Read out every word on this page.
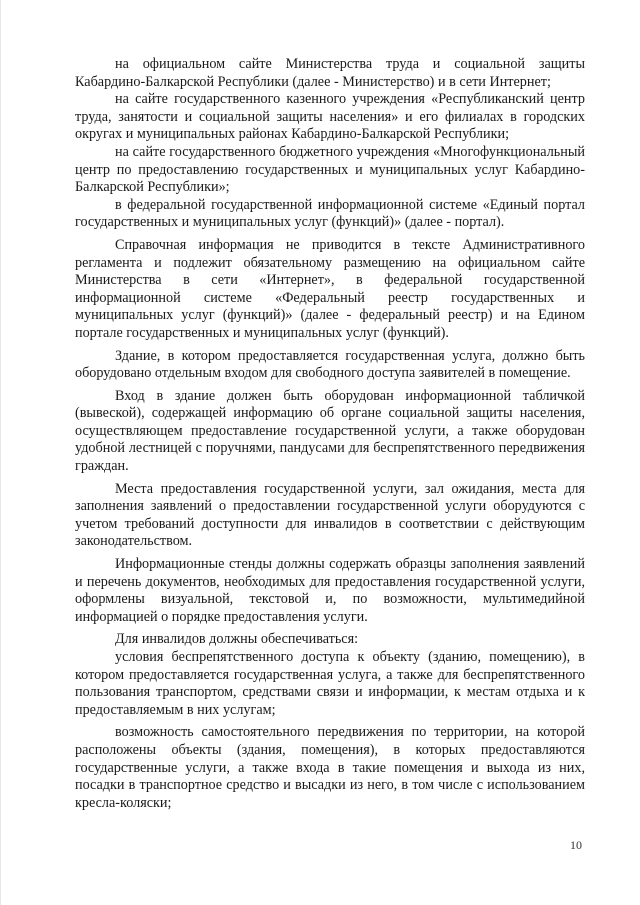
на официальном сайте Министерства труда и социальной защиты Кабардино-Балкарской Республики (далее - Министерство) и в сети Интернет;

на сайте государственного казенного учреждения «Республиканский центр труда, занятости и социальной защиты населения» и его филиалах в городских округах и муниципальных районах Кабардино-Балкарской Республики;

на сайте государственного бюджетного учреждения «Многофункциональный центр по предоставлению государственных и муниципальных услуг Кабардино-Балкарской Республики»;

в федеральной государственной информационной системе «Единый портал государственных и муниципальных услуг (функций)» (далее - портал).

Справочная информация не приводится в тексте Административного регламента и подлежит обязательному размещению на официальном сайте Министерства в сети «Интернет», в федеральной государственной информационной системе «Федеральный реестр государственных и муниципальных услуг (функций)» (далее - федеральный реестр) и на Едином портале государственных и муниципальных услуг (функций).

Здание, в котором предоставляется государственная услуга, должно быть оборудовано отдельным входом для свободного доступа заявителей в помещение.

Вход в здание должен быть оборудован информационной табличкой (вывеской), содержащей информацию об органе социальной защиты населения, осуществляющем предоставление государственной услуги, а также оборудован удобной лестницей с поручнями, пандусами для беспрепятственного передвижения граждан.

Места предоставления государственной услуги, зал ожидания, места для заполнения заявлений о предоставлении государственной услуги оборудуются с учетом требований доступности для инвалидов в соответствии с действующим законодательством.

Информационные стенды должны содержать образцы заполнения заявлений и перечень документов, необходимых для предоставления государственной услуги, оформлены визуальной, текстовой и, по возможности, мультимедийной информацией о порядке предоставления услуги.

Для инвалидов должны обеспечиваться:

условия беспрепятственного доступа к объекту (зданию, помещению), в котором предоставляется государственная услуга, а также для беспрепятственного пользования транспортом, средствами связи и информации, к местам отдыха и к предоставляемым в них услугам;

возможность самостоятельного передвижения по территории, на которой расположены объекты (здания, помещения), в которых предоставляются государственные услуги, а также входа в такие помещения и выхода из них, посадки в транспортное средство и высадки из него, в том числе с использованием кресла-коляски;

10
